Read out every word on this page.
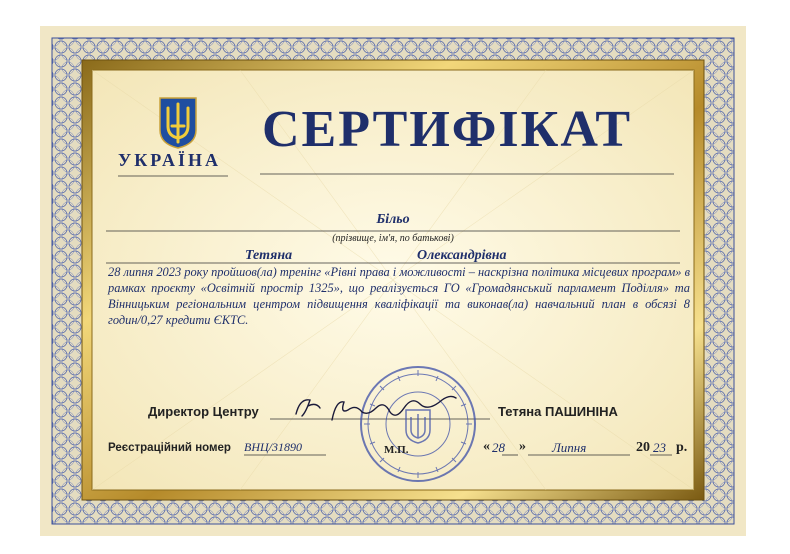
УКРАЇНА
СЕРТИФІКАТ
Більо
(прізвище, ім'я, по батькові)
Тетяна	Олександрівна
28 липня 2023 року пройшов(ла) тренінг «Рівні права і можливості – наскрізна політика місцевих програм» в рамках проєкту «Освітній простір 1325», що реалізується ГО «Громадянський парламент Поділля» та Вінницьким регіональним центром підвищення кваліфікації та виконав(ла) навчальний план в обсязі 8 годин/0,27 кредити ЄКТС.
Директор Центру	Тетяна ПАШИНІНА
Реєстраційний номер ВНЦ/31890	М.П.	« 28 » Липня	20 23 р.
